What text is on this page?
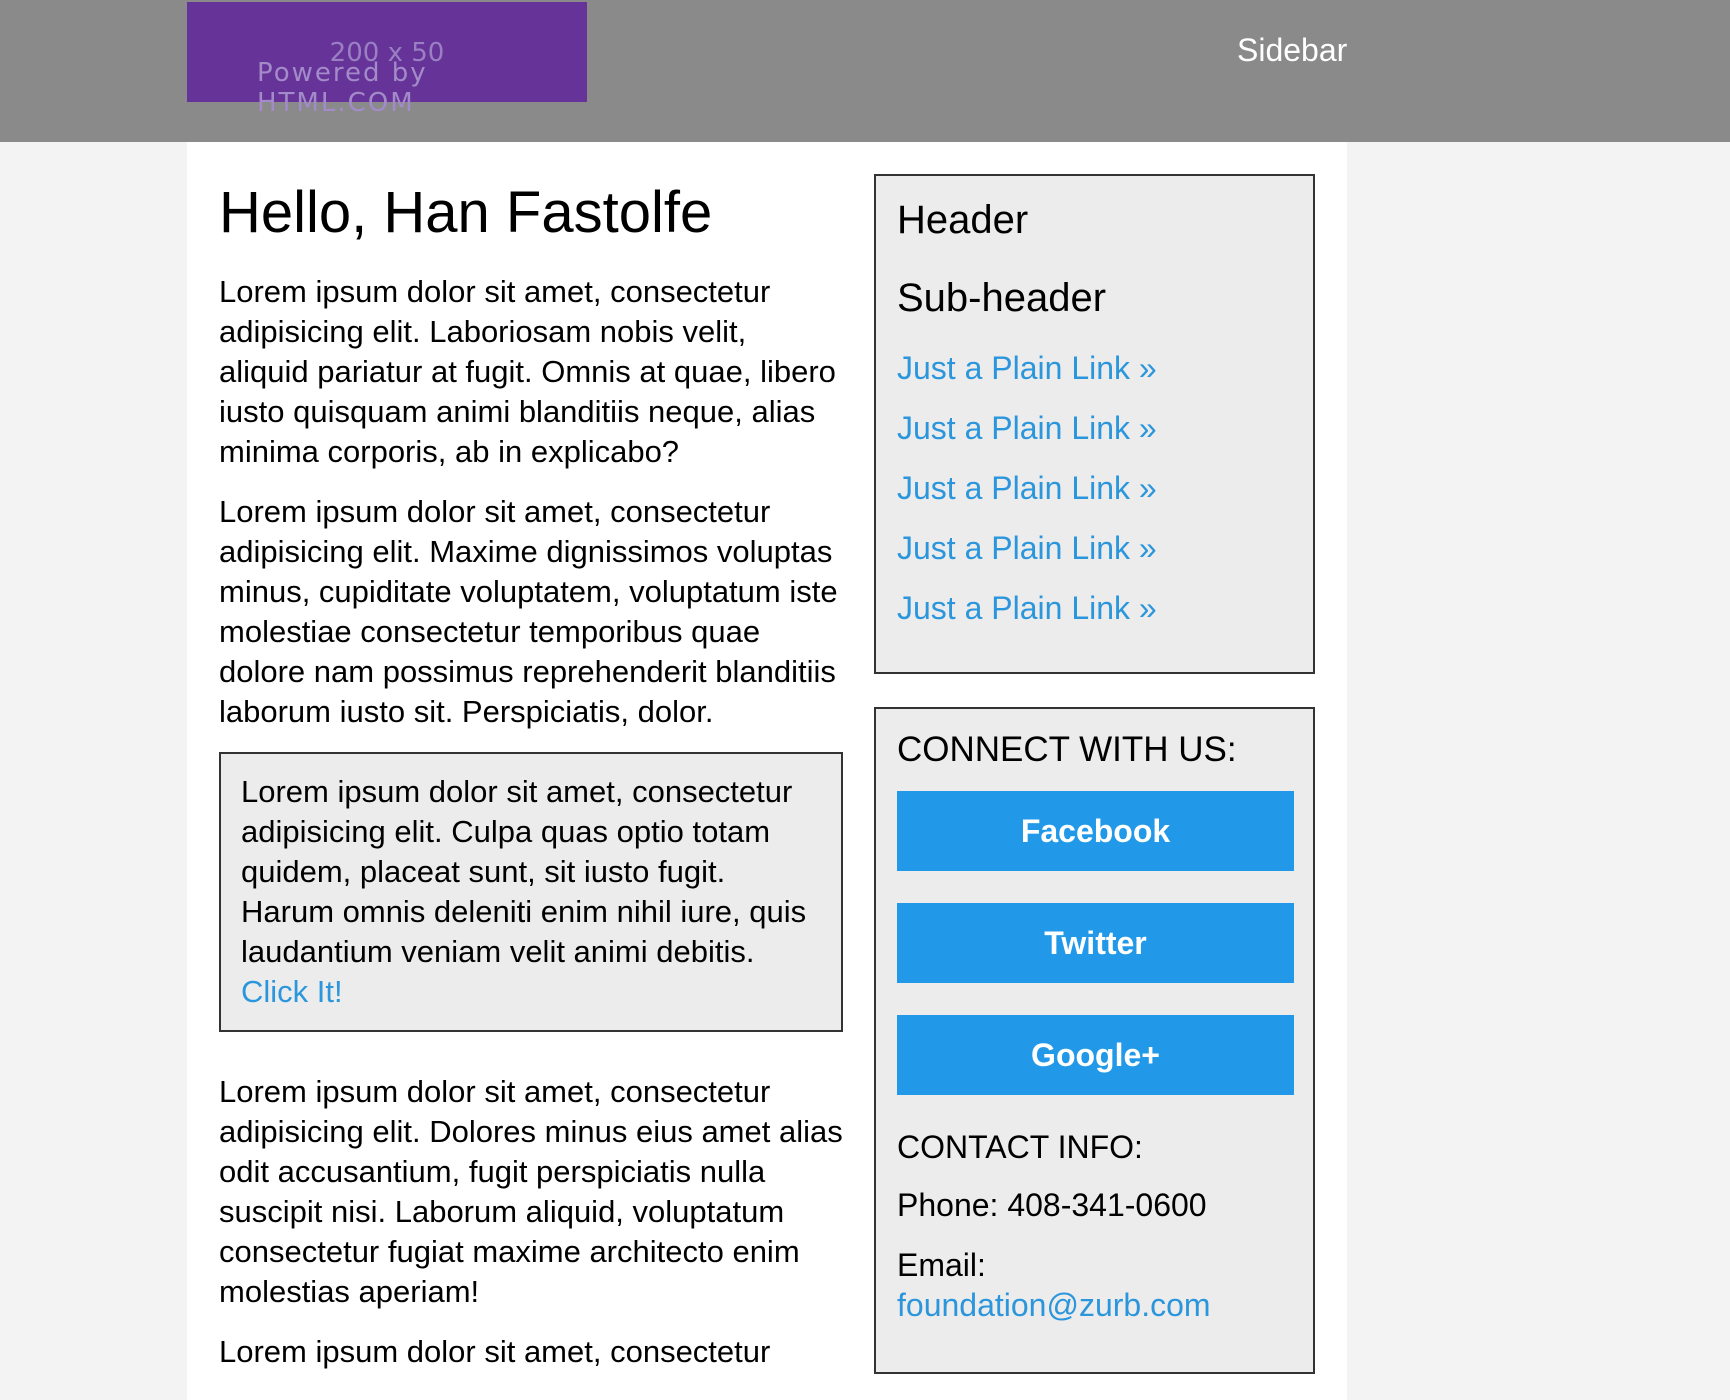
200 x 50
Powered by HTML.COM
Sidebar
Hello, Han Fastolfe

Lorem ipsum dolor sit amet, consectetur adipisicing elit. Laboriosam nobis velit, aliquid pariatur at fugit. Omnis at quae, libero iusto quisquam animi blanditiis neque, alias minima corporis, ab in explicabo?

Lorem ipsum dolor sit amet, consectetur adipisicing elit. Maxime dignissimos voluptas minus, cupiditate voluptatem, voluptatum iste molestiae consectetur temporibus quae dolore nam possimus reprehenderit blanditiis laborum iusto sit. Perspiciatis, dolor.

Lorem ipsum dolor sit amet, consectetur adipisicing elit. Culpa quas optio totam quidem, placeat sunt, sit iusto fugit. Harum omnis deleniti enim nihil iure, quis laudantium veniam velit animi debitis. Click It!

Lorem ipsum dolor sit amet, consectetur adipisicing elit. Dolores minus eius amet alias odit accusantium, fugit perspiciatis nulla suscipit nisi. Laborum aliquid, voluptatum consectetur fugiat maxime architecto enim molestias aperiam!

Lorem ipsum dolor sit amet, consectetur

Header
Sub-header
Just a Plain Link »
Just a Plain Link »
Just a Plain Link »
Just a Plain Link »
Just a Plain Link »
CONNECT WITH US:
Facebook
Twitter
Google+
CONTACT INFO:
Phone: 408-341-0600
Email:
foundation@zurb.com
